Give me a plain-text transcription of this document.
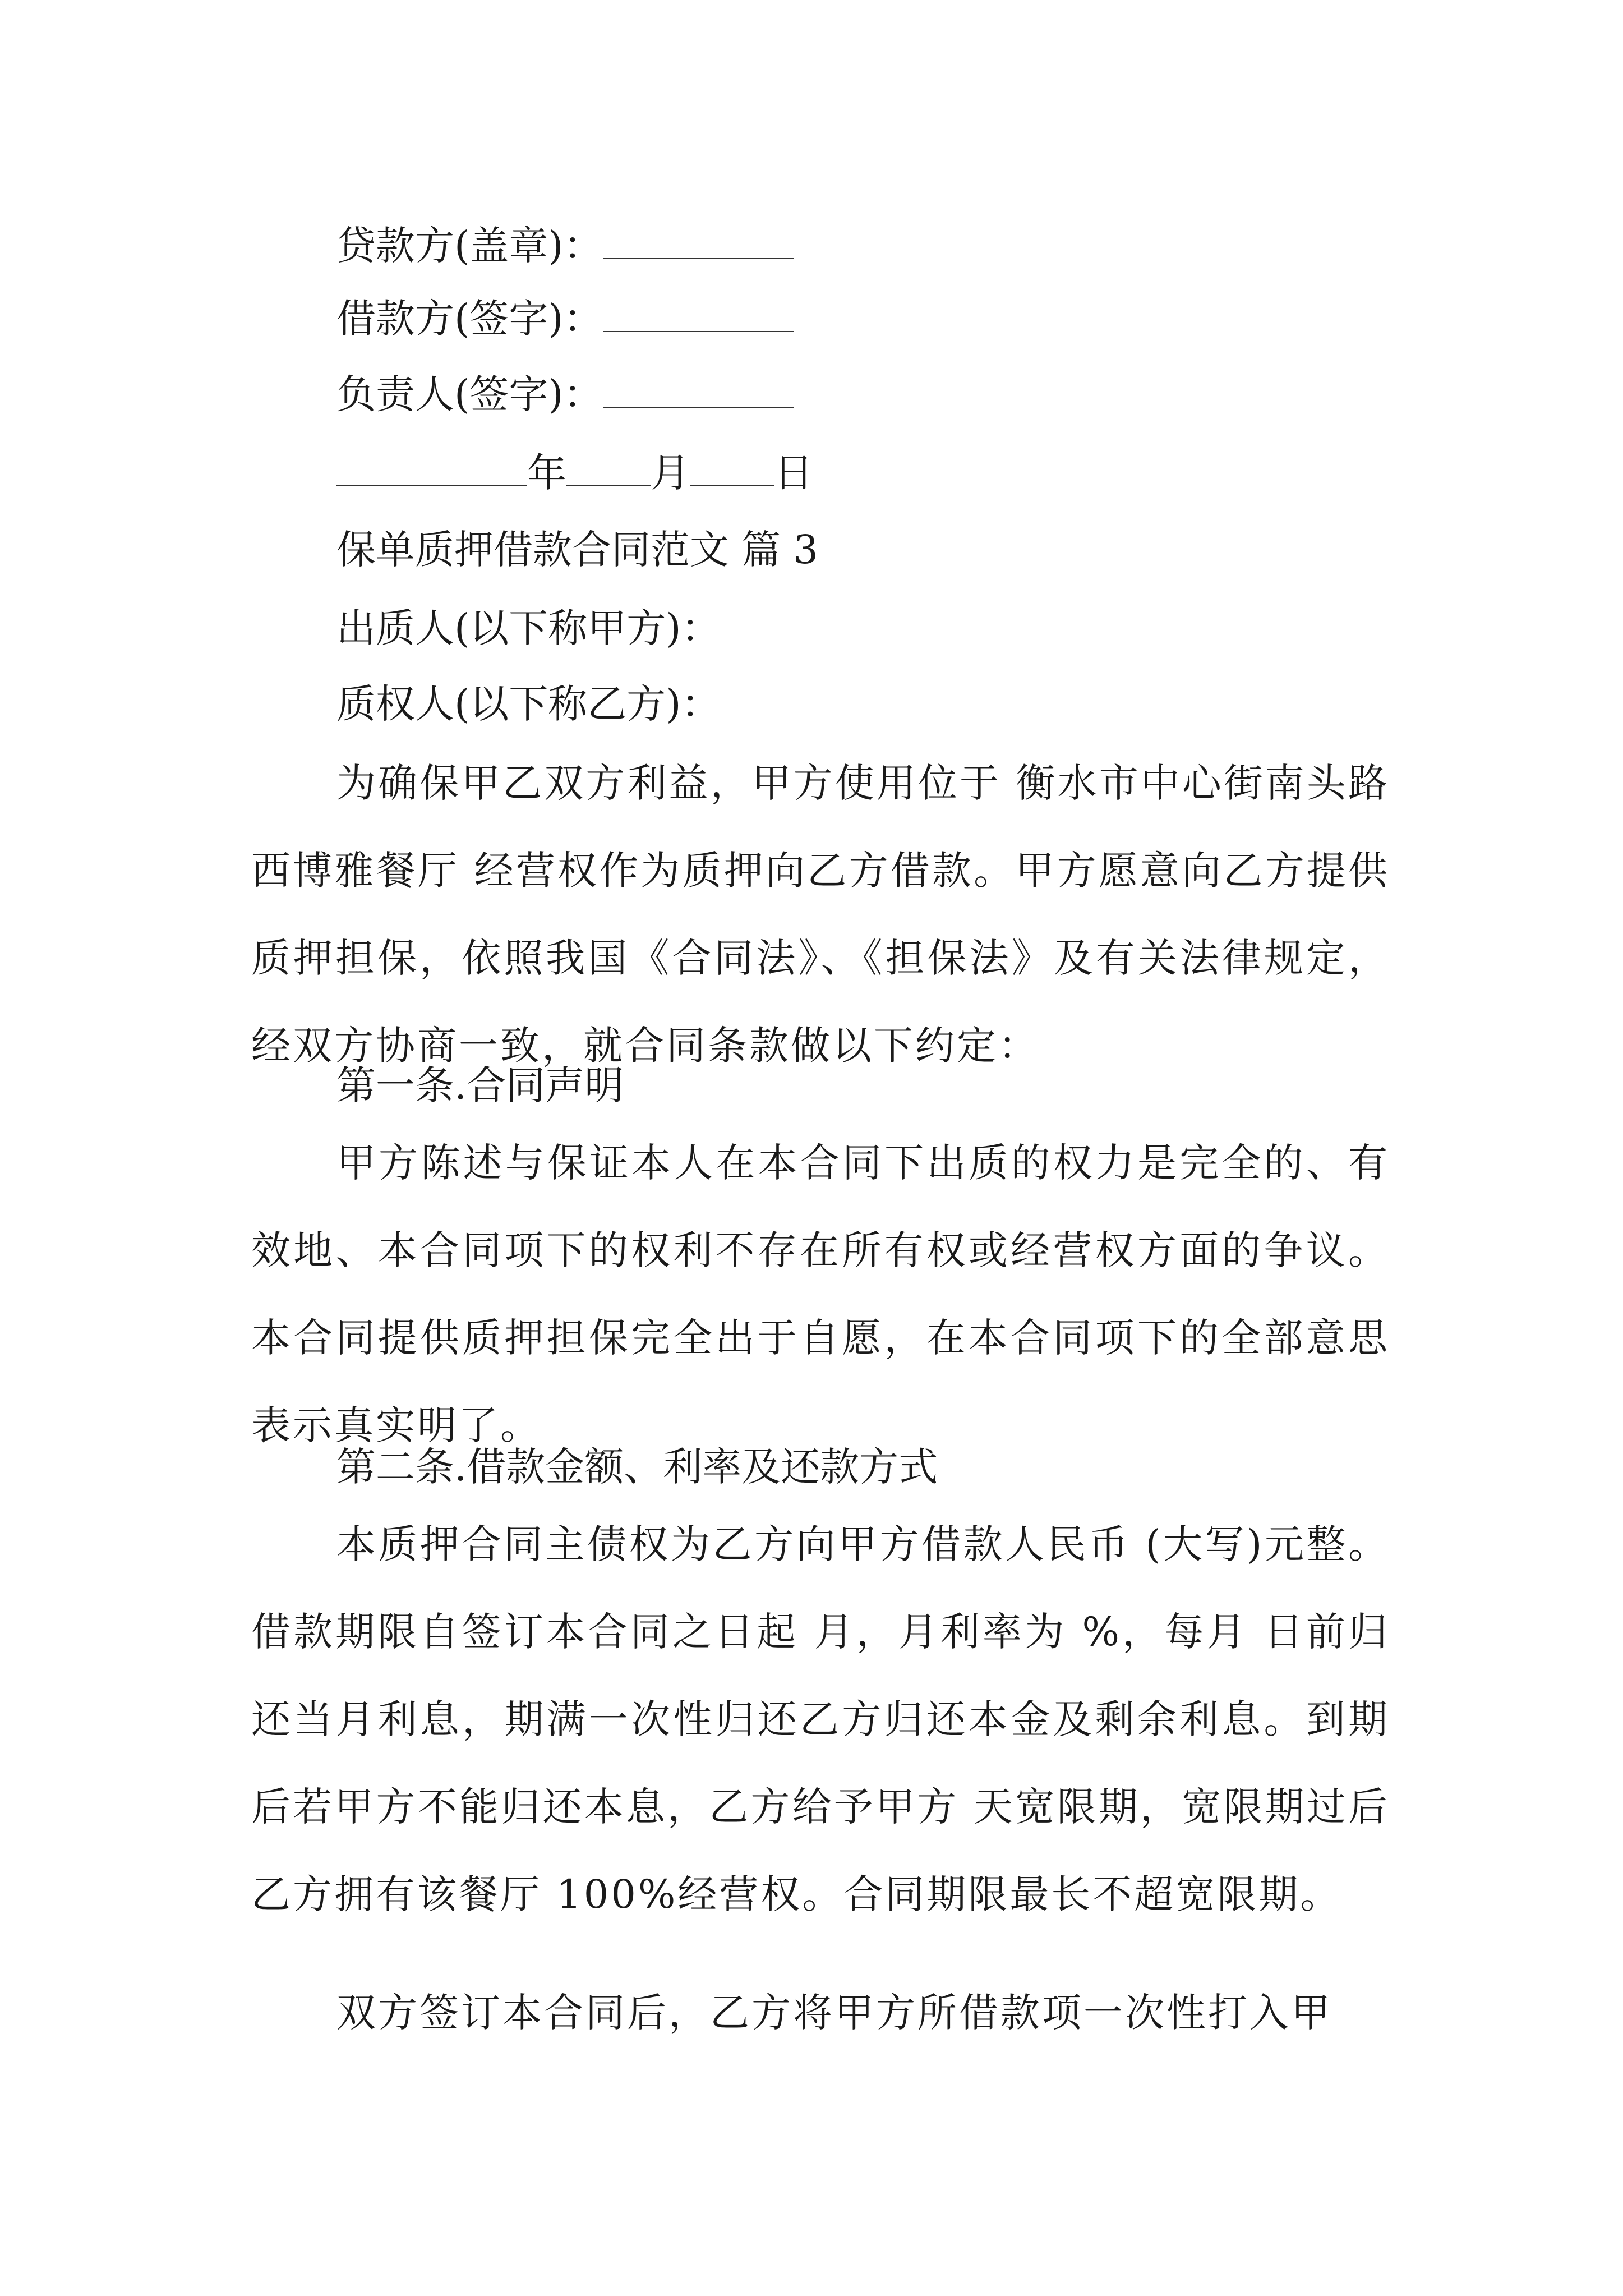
贷款方(盖章)：
借款方(签字)：
负责人(签字)：
年 月 日
保单质押借款合同范文 篇 3
出质人(以下称甲方)：
质权人(以下称乙方)：
为确保甲乙双方利益，甲方使用位于 衡水市中心街南头路西博雅餐厅 经营权作为质押向乙方借款。甲方愿意向乙方提供质押担保，依照我国《合同法》、《担保法》及有关法律规定，经双方协商一致，就合同条款做以下约定：
第一条.合同声明
甲方陈述与保证本人在本合同下出质的权力是完全的、有效地、本合同项下的权利不存在所有权或经营权方面的争议。本合同提供质押担保完全出于自愿，在本合同项下的全部意思表示真实明了。
第二条.借款金额、利率及还款方式
本质押合同主债权为乙方向甲方借款人民币 (大写)元整。借款期限自签订本合同之日起 月，月利率为 %，每月 日前归还当月利息，期满一次性归还乙方归还本金及剩余利息。到期后若甲方不能归还本息，乙方给予甲方 天宽限期，宽限期过后乙方拥有该餐厅 100%经营权。合同期限最长不超宽限期。
双方签订本合同后，乙方将甲方所借款项一次性打入甲
